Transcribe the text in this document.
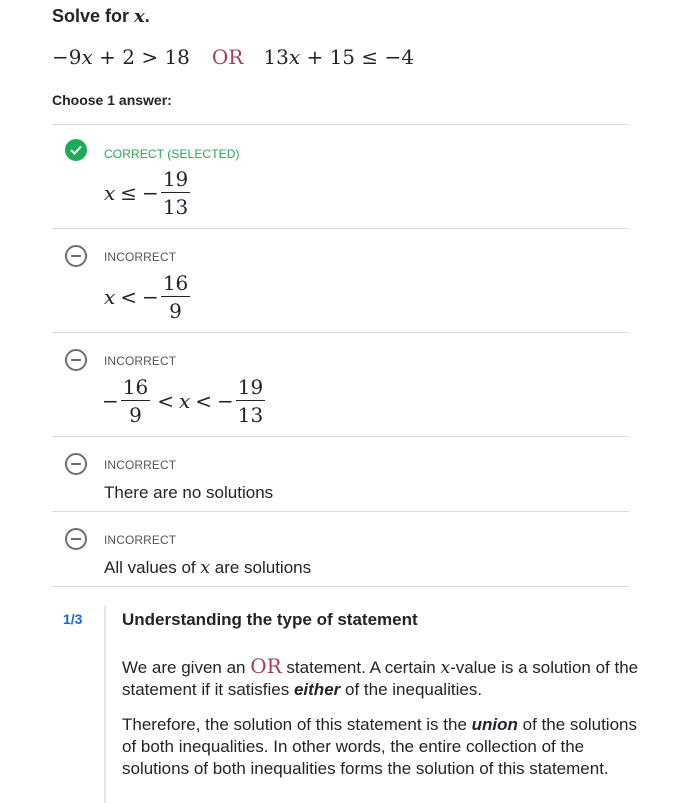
Solve for x.
−9x + 2 > 18 OR 13x + 15 ≤ −4
Choose 1 answer:
CORRECT (SELECTED)
x ≤ − $\frac{19}{13}$
INCORRECT
x < − $\frac{16}{9}$
INCORRECT
− $\frac{16}{9} < x$ < − $\frac{19}{13}$
INCORRECT
There are no solutions
INCORRECT
All values of x are solutions
1/3 Understanding the type of statement
We are given an OR statement. A certain x-value is a solution of the statement if it satisfies either of the inequalities.
Therefore, the solution of this statement is the union of the solutions of both inequalities. In other words, the entire collection of the solutions of both inequalities forms the solution of this statement.
